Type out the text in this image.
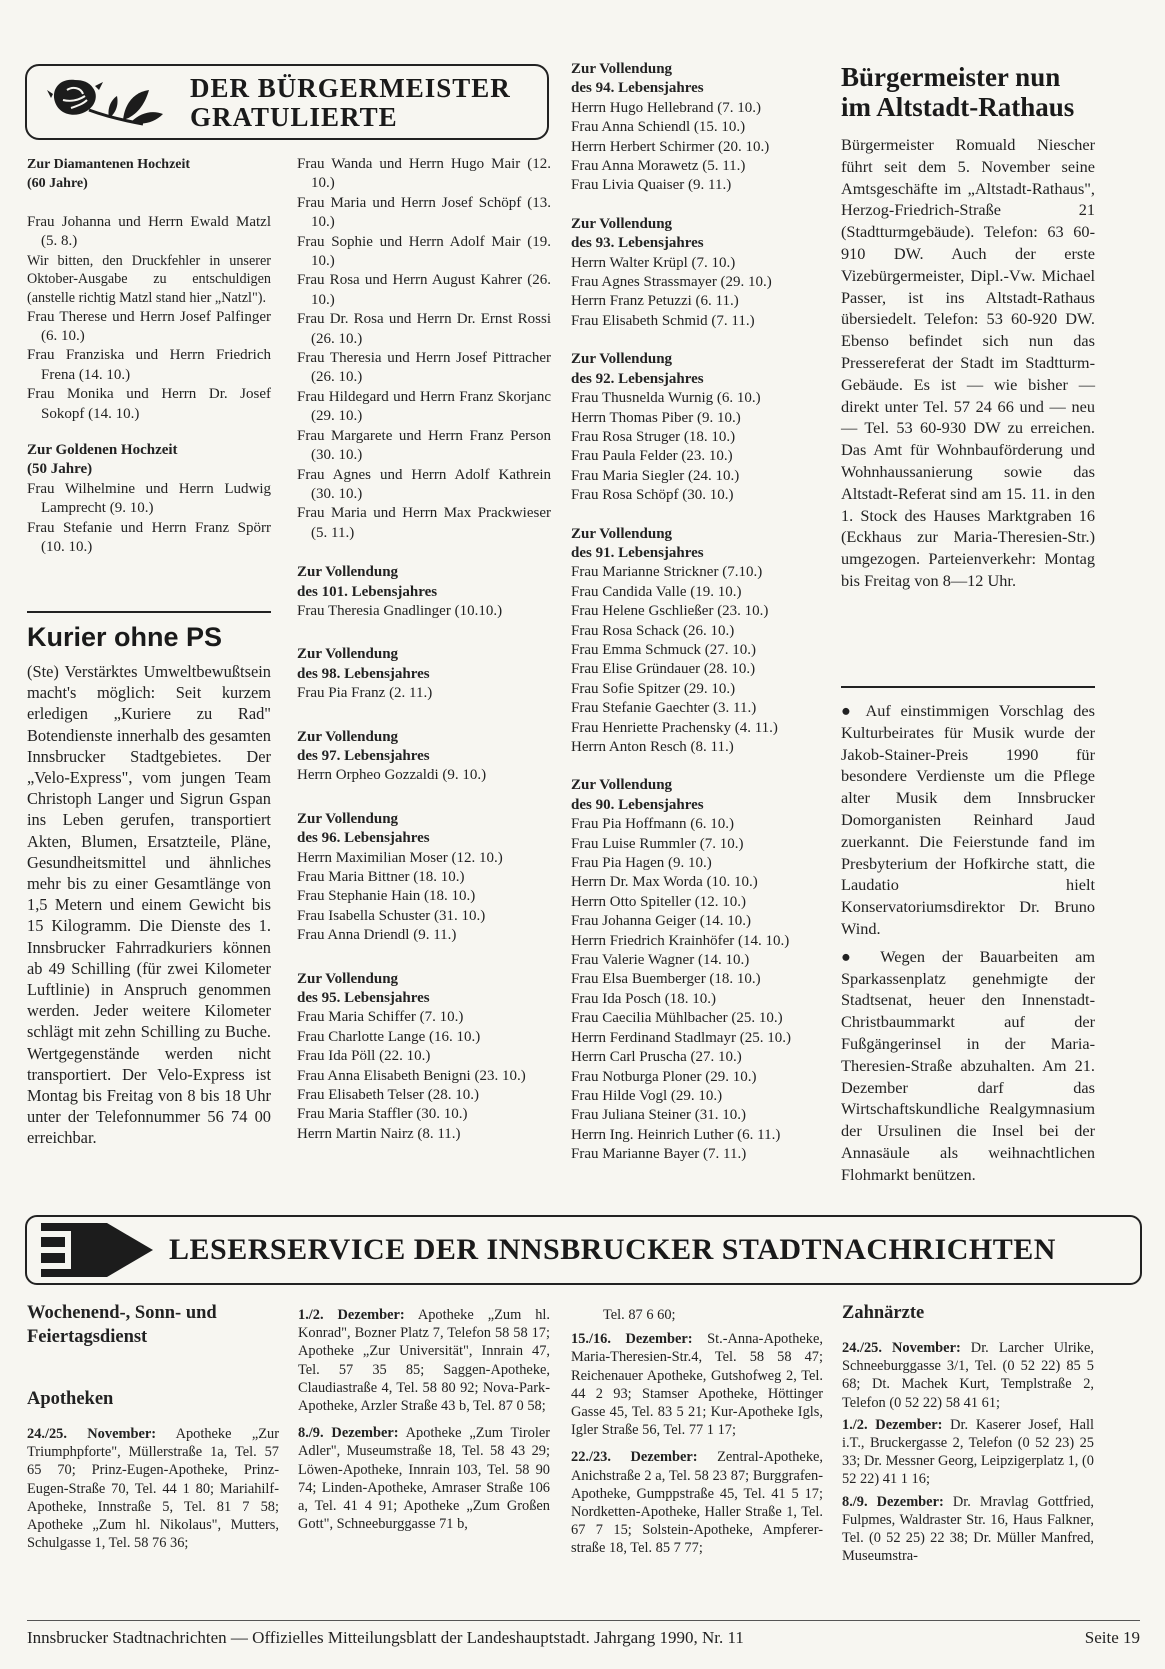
DER BÜRGERMEISTER
GRATULIERTE

Zur Diamantenen Hochzeit

(60 Jahre)

Frau Johanna und Herrn Ewald Matzl (5. 8.)

Wir bitten, den Druckfehler in unserer Oktober-Ausgabe zu entschuldigen (anstelle richtig Matzl stand hier „Natzl").

Frau Therese und Herrn Josef Palfinger (6. 10.)

Frau Franziska und Herrn Friedrich Frena (14. 10.)

Frau Monika und Herrn Dr. Josef Sokopf (14. 10.)

Zur Goldenen Hochzeit

(50 Jahre)

Frau Wilhelmine und Herrn Ludwig Lamprecht (9. 10.)

Frau Stefanie und Herrn Franz Spörr (10. 10.)

Kurier ohne PS

(Ste) Verstärktes Umweltbewußtsein macht's möglich: Seit kurzem erledigen „Kuriere zu Rad" Botendienste innerhalb des gesamten Innsbrucker Stadtgebietes. Der „Velo-Express", vom jungen Team Christoph Langer und Sigrun Gspan ins Leben gerufen, transportiert Akten, Blumen, Ersatzteile, Pläne, Gesundheitsmittel und ähnliches mehr bis zu einer Gesamtlänge von 1,5 Metern und einem Gewicht bis 15 Kilogramm. Die Dienste des 1. Innsbrucker Fahrradkuriers können ab 49 Schilling (für zwei Kilometer Luftlinie) in Anspruch genommen werden. Jeder weitere Kilometer schlägt mit zehn Schilling zu Buche. Wertgegenstände werden nicht transportiert. Der Velo-Express ist Montag bis Freitag von 8 bis 18 Uhr unter der Telefonnummer 56 74 00 erreichbar.

Frau Wanda und Herrn Hugo Mair (12. 10.)

Frau Maria und Herrn Josef Schöpf (13. 10.)

Frau Sophie und Herrn Adolf Mair (19. 10.)

Frau Rosa und Herrn August Kahrer (26. 10.)

Frau Dr. Rosa und Herrn Dr. Ernst Rossi (26. 10.)

Frau Theresia und Herrn Josef Pittracher (26. 10.)

Frau Hildegard und Herrn Franz Skorjanc (29. 10.)

Frau Margarete und Herrn Franz Person (30. 10.)

Frau Agnes und Herrn Adolf Kathrein (30. 10.)

Frau Maria und Herrn Max Prackwieser (5. 11.)

Zur Vollendung

des 101. Lebensjahres

Frau Theresia Gnadlinger (10.10.)

Zur Vollendung

des 98. Lebensjahres

Frau Pia Franz (2. 11.)

Zur Vollendung

des 97. Lebensjahres

Herrn Orpheo Gozzaldi (9. 10.)

Zur Vollendung

des 96. Lebensjahres

Herrn Maximilian Moser (12. 10.)

Frau Maria Bittner (18. 10.)

Frau Stephanie Hain (18. 10.)

Frau Isabella Schuster (31. 10.)

Frau Anna Driendl (9. 11.)

Zur Vollendung

des 95. Lebensjahres

Frau Maria Schiffer (7. 10.)

Frau Charlotte Lange (16. 10.)

Frau Ida Pöll (22. 10.)

Frau Anna Elisabeth Benigni (23. 10.)

Frau Elisabeth Telser (28. 10.)

Frau Maria Staffler (30. 10.)

Herrn Martin Nairz (8. 11.)

Zur Vollendung

des 94. Lebensjahres

Herrn Hugo Hellebrand (7. 10.)

Frau Anna Schiendl (15. 10.)

Herrn Herbert Schirmer (20. 10.)

Frau Anna Morawetz (5. 11.)

Frau Livia Quaiser (9. 11.)

Zur Vollendung

des 93. Lebensjahres

Herrn Walter Krüpl (7. 10.)

Frau Agnes Strassmayer (29. 10.)

Herrn Franz Petuzzi (6. 11.)

Frau Elisabeth Schmid (7. 11.)

Zur Vollendung

des 92. Lebensjahres

Frau Thusnelda Wurnig (6. 10.)

Herrn Thomas Piber (9. 10.)

Frau Rosa Struger (18. 10.)

Frau Paula Felder (23. 10.)

Frau Maria Siegler (24. 10.)

Frau Rosa Schöpf (30. 10.)

Zur Vollendung

des 91. Lebensjahres

Frau Marianne Strickner (7.10.)

Frau Candida Valle (19. 10.)

Frau Helene Gschließer (23. 10.)

Frau Rosa Schack (26. 10.)

Frau Emma Schmuck (27. 10.)

Frau Elise Gründauer (28. 10.)

Frau Sofie Spitzer (29. 10.)

Frau Stefanie Gaechter (3. 11.)

Frau Henriette Prachensky (4. 11.)

Herrn Anton Resch (8. 11.)

Zur Vollendung

des 90. Lebensjahres

Frau Pia Hoffmann (6. 10.)

Frau Luise Rummler (7. 10.)

Frau Pia Hagen (9. 10.)

Herrn Dr. Max Worda (10. 10.)

Herrn Otto Spiteller (12. 10.)

Frau Johanna Geiger (14. 10.)

Herrn Friedrich Krainhöfer (14. 10.)

Frau Valerie Wagner (14. 10.)

Frau Elsa Buemberger (18. 10.)

Frau Ida Posch (18. 10.)

Frau Caecilia Mühlbacher (25. 10.)

Herrn Ferdinand Stadlmayr (25. 10.)

Herrn Carl Pruscha (27. 10.)

Frau Notburga Ploner (29. 10.)

Frau Hilde Vogl (29. 10.)

Frau Juliana Steiner (31. 10.)

Herrn Ing. Heinrich Luther (6. 11.)

Frau Marianne Bayer (7. 11.)

Bürgermeister nun

im Altstadt-Rathaus

Bürgermeister Romuald Niescher führt seit dem 5. November seine Amtsgeschäfte im „Altstadt-Rathaus", Herzog-Friedrich-Straße 21 (Stadtturmgebäude). Telefon: 63 60-910 DW. Auch der erste Vizebürgermeister, Dipl.-Vw. Michael Passer, ist ins Altstadt-Rathaus übersiedelt. Telefon: 53 60-920 DW. Ebenso befindet sich nun das Pressereferat der Stadt im Stadtturm-Gebäude. Es ist — wie bisher — direkt unter Tel. 57 24 66 und — neu — Tel. 53 60-930 DW zu erreichen. Das Amt für Wohnbauförderung und Wohnhaussanierung sowie das Altstadt-Referat sind am 15. 11. in den 1. Stock des Hauses Marktgraben 16 (Eckhaus zur Maria-Theresien-Str.) umgezogen. Parteienverkehr: Montag bis Freitag von 8—12 Uhr.

● Auf einstimmigen Vorschlag des Kulturbeirates für Musik wurde der Jakob-Stainer-Preis 1990 für besondere Verdienste um die Pflege alter Musik dem Innsbrucker Domorganisten Reinhard Jaud zuerkannt. Die Feierstunde fand im Presbyterium der Hofkirche statt, die Laudatio hielt Konservatoriumsdirektor Dr. Bruno Wind.

● Wegen der Bauarbeiten am Sparkassenplatz genehmigte der Stadtsenat, heuer den Innenstadt-Christbaummarkt auf der Fußgängerinsel in der Maria-Theresien-Straße abzuhalten. Am 21. Dezember darf das Wirtschaftskundliche Realgymnasium der Ursulinen die Insel bei der Annasäule als weihnachtlichen Flohmarkt benützen.

LESERSERVICE DER INNSBRUCKER STADTNACHRICHTEN

Wochenend-, Sonn- und

Feiertagsdienst

Apotheken

24./25. November: Apotheke „Zur Triumphpforte", Müllerstraße 1a, Tel. 57 65 70; Prinz-Eugen-Apotheke, Prinz-Eugen-Straße 70, Tel. 44 1 80; Mariahilf-Apotheke, Innstraße 5, Tel. 81 7 58; Apotheke „Zum hl. Nikolaus", Mutters, Schulgasse 1, Tel. 58 76 36;

1./2. Dezember: Apotheke „Zum hl. Konrad", Bozner Platz 7, Telefon 58 58 17; Apotheke „Zur Universität", Innrain 47, Tel. 57 35 85; Saggen-Apotheke, Claudiastraße 4, Tel. 58 80 92; Nova-Park-Apotheke, Arzler Straße 43 b, Tel. 87 0 58;

8./9. Dezember: Apotheke „Zum Tiroler Adler", Museumstraße 18, Tel. 58 43 29; Löwen-Apotheke, Innrain 103, Tel. 58 90 74; Linden-Apotheke, Amraser Straße 106 a, Tel. 41 4 91; Apotheke „Zum Großen Gott", Schneeburggasse 71 b,

Tel. 87 6 60;

15./16. Dezember: St.-Anna-Apotheke, Maria-Theresien-Str.4, Tel. 58 58 47; Reichenauer Apotheke, Gutshofweg 2, Tel. 44 2 93; Stamser Apotheke, Höttinger Gasse 45, Tel. 83 5 21; Kur-Apotheke Igls, Igler Straße 56, Tel. 77 1 17;

22./23. Dezember: Zentral-Apotheke, Anichstraße 2 a, Tel. 58 23 87; Burggrafen-Apotheke, Gumppstraße 45, Tel. 41 5 17; Nordketten-Apotheke, Haller Straße 1, Tel. 67 7 15; Solstein-Apotheke, Ampferer-straße 18, Tel. 85 7 77;

Zahnärzte

24./25. November: Dr. Larcher Ulrike, Schneeburggasse 3/1, Tel. (0 52 22) 85 5 68; Dt. Machek Kurt, Templstraße 2, Telefon (0 52 22) 58 41 61;

1./2. Dezember: Dr. Kaserer Josef, Hall i.T., Bruckergasse 2, Telefon (0 52 23) 25 33; Dr. Messner Georg, Leipzigerplatz 1, (0 52 22) 41 1 16;

8./9. Dezember: Dr. Mravlag Gottfried, Fulpmes, Waldraster Str. 16, Haus Falkner, Tel. (0 52 25) 22 38; Dr. Müller Manfred, Museumstra-

Innsbrucker Stadtnachrichten — Offizielles Mitteilungsblatt der Landeshauptstadt. Jahrgang 1990, Nr. 11	Seite 19
